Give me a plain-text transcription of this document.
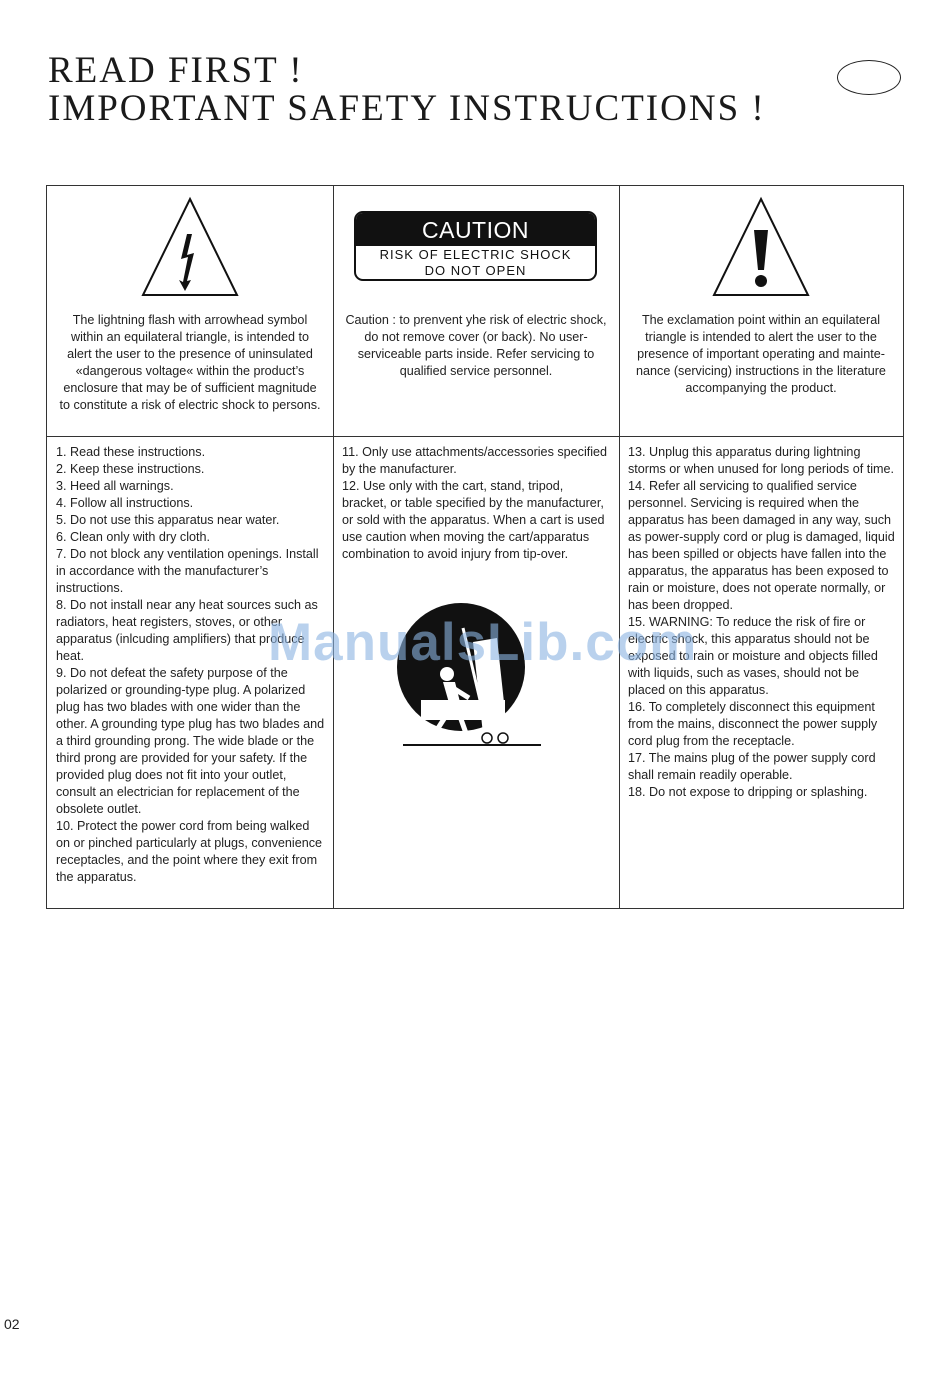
READ FIRST !
IMPORTANT SAFETY INSTRUCTIONS !
The lightning flash with arrowhead symbol within an equilateral triangle, is intended to alert the user to the presence of uninsulated «dangerous voltage« within the product’s enclosure that may be of sufficient magnitude to constitute a risk of electric shock to persons.
CAUTION
RISK OF ELECTRIC SHOCK
DO NOT OPEN
Caution : to prenvent yhe risk of electric shock, do not remove cover (or back). No user-serviceable parts inside. Refer servicing to qualified service personnel.
The exclamation point within an equilateral triangle is intended to alert the user to the presence of important operating and mainte- nance (servicing) instructions in the literature accompanying the product.

1. Read these instructions.
2. Keep these instructions.
3. Heed all warnings.
4. Follow all instructions.
5. Do not use this apparatus near water.
6. Clean only with dry cloth.
7. Do not block any ventilation openings. Install in accordance with the manufacturer’s instructions.
8. Do not install near any heat sources such as radiators, heat registers, stoves, or other apparatus (inlcuding amplifiers) that produce heat.
9. Do not defeat the safety purpose of the polarized or grounding-type plug. A polarized plug has two blades with one wider than the other. A grounding type plug has two blades and a third grounding prong. The wide blade or the third prong are provided for your safety. If the provided plug does not fit into your outlet, consult an electrician for replacement of the obsolete outlet.
10. Protect the power cord from being walked on or pinched particularly at plugs, convenience receptacles, and the point where they exit from the apparatus.

11. Only use attachments/accessories specified by the manufacturer.
12. Use only with the cart, stand, tripod, bracket, or table specified by the manufacturer, or sold with the apparatus. When a cart is used use caution when moving the cart/apparatus combination to avoid injury from tip-over.

13. Unplug this apparatus during lightning storms or when unused for long periods of time.
14. Refer all servicing to qualified service personnel. Servicing is required when the apparatus has been damaged in any way, such as power-supply cord or plug is damaged, liquid has been spilled or objects have fallen into the apparatus, the apparatus has been exposed to rain or moisture, does not operate normally, or has been dropped.
15. WARNING: To reduce the risk of fire or electric shock, this apparatus should not be exposed to rain or moisture and objects filled with liquids, such as vases, should not be placed on this apparatus.
16. To completely disconnect this equipment from the mains, disconnect the power supply cord plug from the receptacle.
17. The mains plug of the power supply cord shall remain readily operable.
18. Do not expose to dripping or splashing.

ManualsLib.com
02
